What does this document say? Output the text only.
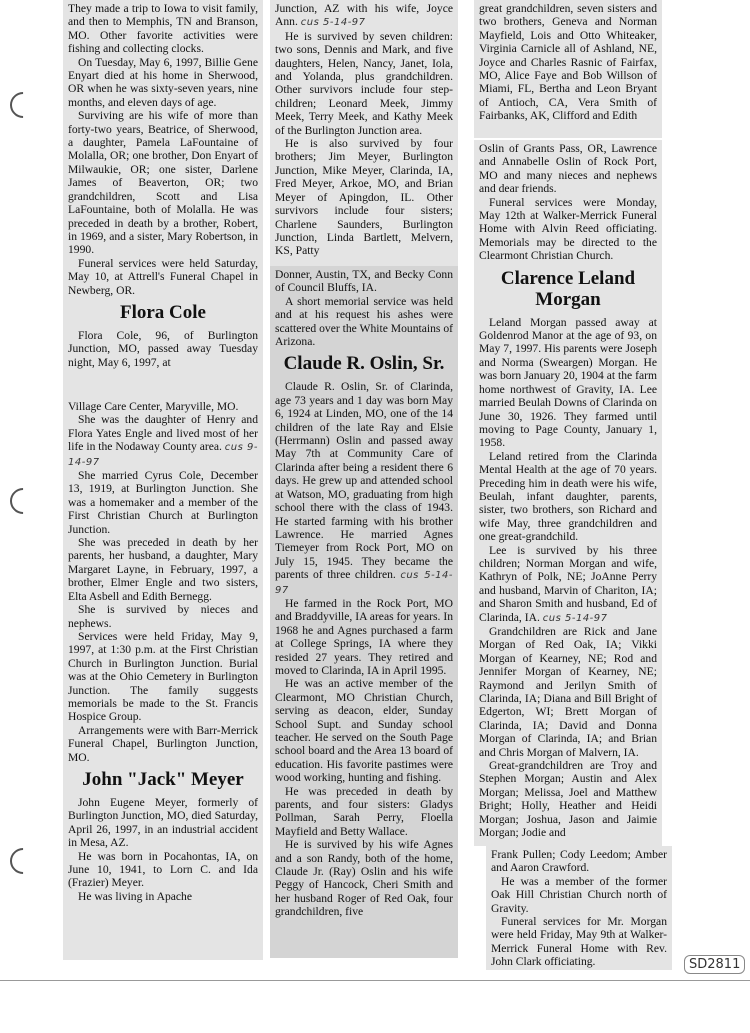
They made a trip to Iowa to visit family, and then to Memphis, TN and Branson, MO. Other favorite activities were fishing and collecting clocks.

On Tuesday, May 6, 1997, Billie Gene Enyart died at his home in Sherwood, OR when he was sixty-seven years, nine months, and eleven days of age.

Surviving are his wife of more than forty-two years, Beatrice, of Sherwood, a daughter, Pamela LaFountaine of Molalla, OR; one brother, Don Enyart of Milwaukie, OR; one sister, Darlene James of Beaverton, OR; two grandchildren, Scott and Lisa LaFountaine, both of Molalla. He was preceded in death by a brother, Robert, in 1969, and a sister, Mary Robertson, in 1990.

Funeral services were held Saturday, May 10, at Attrell's Funeral Chapel in Newberg, OR.

Flora Cole

Flora Cole, 96, of Burlington Junction, MO, passed away Tuesday night, May 6, 1997, at

Village Care Center, Maryville, MO.

She was the daughter of Henry and Flora Yates Engle and lived most of her life in the Nodaway County area. cus 9-14-97

She married Cyrus Cole, December 13, 1919, at Burlington Junction. She was a homemaker and a member of the First Christian Church at Burlington Junction.

She was preceded in death by her parents, her husband, a daughter, Mary Margaret Layne, in February, 1997, a brother, Elmer Engle and two sisters, Elta Asbell and Edith Bernegg.

She is survived by nieces and nephews.

Services were held Friday, May 9, 1997, at 1:30 p.m. at the First Christian Church in Burlington Junction. Burial was at the Ohio Cemetery in Burlington Junction. The family suggests memorials be made to the St. Francis Hospice Group.

Arrangements were with Barr-Merrick Funeral Chapel, Burlington Junction, MO.

John "Jack" Meyer

John Eugene Meyer, formerly of Burlington Junction, MO, died Saturday, April 26, 1997, in an industrial accident in Mesa, AZ.

He was born in Pocahontas, IA, on June 10, 1941, to Lorn C. and Ida (Frazier) Meyer.

He was living in Apache

Junction, AZ with his wife, Joyce Ann. cus 5-14-97

He is survived by seven children: two sons, Dennis and Mark, and five daughters, Helen, Nancy, Janet, Iola, and Yolanda, plus grandchildren. Other survivors include four step-children; Leonard Meek, Jimmy Meek, Terry Meek, and Kathy Meek of the Burlington Junction area.

He is also survived by four brothers; Jim Meyer, Burlington Junction, Mike Meyer, Clarinda, IA, Fred Meyer, Arkoe, MO, and Brian Meyer of Apingdon, IL. Other survivors include four sisters; Charlene Saunders, Burlington Junction, Linda Bartlett, Melvern, KS, Patty

Donner, Austin, TX, and Becky Conn of Council Bluffs, IA.

A short memorial service was held and at his request his ashes were scattered over the White Mountains of Arizona.

Claude R. Oslin, Sr.

Claude R. Oslin, Sr. of Clarinda, age 73 years and 1 day was born May 6, 1924 at Linden, MO, one of the 14 children of the late Ray and Elsie (Herrmann) Oslin and passed away May 7th at Community Care of Clarinda after being a resident there 6 days. He grew up and attended school at Watson, MO, graduating from high school there with the class of 1943. He started farming with his brother Lawrence. He married Agnes Tiemeyer from Rock Port, MO on July 15, 1945. They became the parents of three children. cus 5-14-97

He farmed in the Rock Port, MO and Braddyville, IA areas for years. In 1968 he and Agnes purchased a farm at College Springs, IA where they resided 27 years. They retired and moved to Clarinda, IA in April 1995.

He was an active member of the Clearmont, MO Christian Church, serving as deacon, elder, Sunday School Supt. and Sunday school teacher. He served on the South Page school board and the Area 13 board of education. His favorite pastimes were wood working, hunting and fishing.

He was preceded in death by parents, and four sisters: Gladys Pollman, Sarah Perry, Floella Mayfield and Betty Wallace.

He is survived by his wife Agnes and a son Randy, both of the home, Claude Jr. (Ray) Oslin and his wife Peggy of Hancock, Cheri Smith and her husband Roger of Red Oak, four grandchildren, five

great grandchildren, seven sisters and two brothers, Geneva and Norman Mayfield, Lois and Otto Whiteaker, Virginia Carnicle all of Ashland, NE, Joyce and Charles Rasnic of Fairfax, MO, Alice Faye and Bob Willson of Miami, FL, Bertha and Leon Bryant of Antioch, CA, Vera Smith of Fairbanks, AK, Clifford and Edith

Oslin of Grants Pass, OR, Lawrence and Annabelle Oslin of Rock Port, MO and many nieces and nephews and dear friends.

Funeral services were Monday, May 12th at Walker-Merrick Funeral Home with Alvin Reed officiating. Memorials may be directed to the Clearmont Christian Church.

Clarence Leland Morgan

Leland Morgan passed away at Goldenrod Manor at the age of 93, on May 7, 1997. His parents were Joseph and Norma (Sweargen) Morgan. He was born January 20, 1904 at the farm home northwest of Gravity, IA. Lee married Beulah Downs of Clarinda on June 30, 1926. They farmed until moving to Page County, January 1, 1958.

Leland retired from the Clarinda Mental Health at the age of 70 years. Preceding him in death were his wife, Beulah, infant daughter, parents, sister, two brothers, son Richard and wife May, three grandchildren and one great-grandchild.

Lee is survived by his three children; Norman Morgan and wife, Kathryn of Polk, NE; JoAnne Perry and husband, Marvin of Chariton, IA; and Sharon Smith and husband, Ed of Clarinda, IA. cus 5-14-97

Grandchildren are Rick and Jane Morgan of Red Oak, IA; Vikki Morgan of Kearney, NE; Rod and Jennifer Morgan of Kearney, NE; Raymond and Jerilyn Smith of Clarinda, IA; Diana and Bill Bright of Edgerton, WI; Brett Morgan of Clarinda, IA; David and Donna Morgan of Clarinda, IA; and Brian and Chris Morgan of Malvern, IA.

Great-grandchildren are Troy and Stephen Morgan; Austin and Alex Morgan; Melissa, Joel and Matthew Bright; Holly, Heather and Heidi Morgan; Joshua, Jason and Jaimie Morgan; Jodie and

Frank Pullen; Cody Leedom; Amber and Aaron Crawford.

He was a member of the former Oak Hill Christian Church north of Gravity.

Funeral services for Mr. Morgan were held Friday, May 9th at Walker-Merrick Funeral Home with Rev. John Clark officiating.	SD2811
